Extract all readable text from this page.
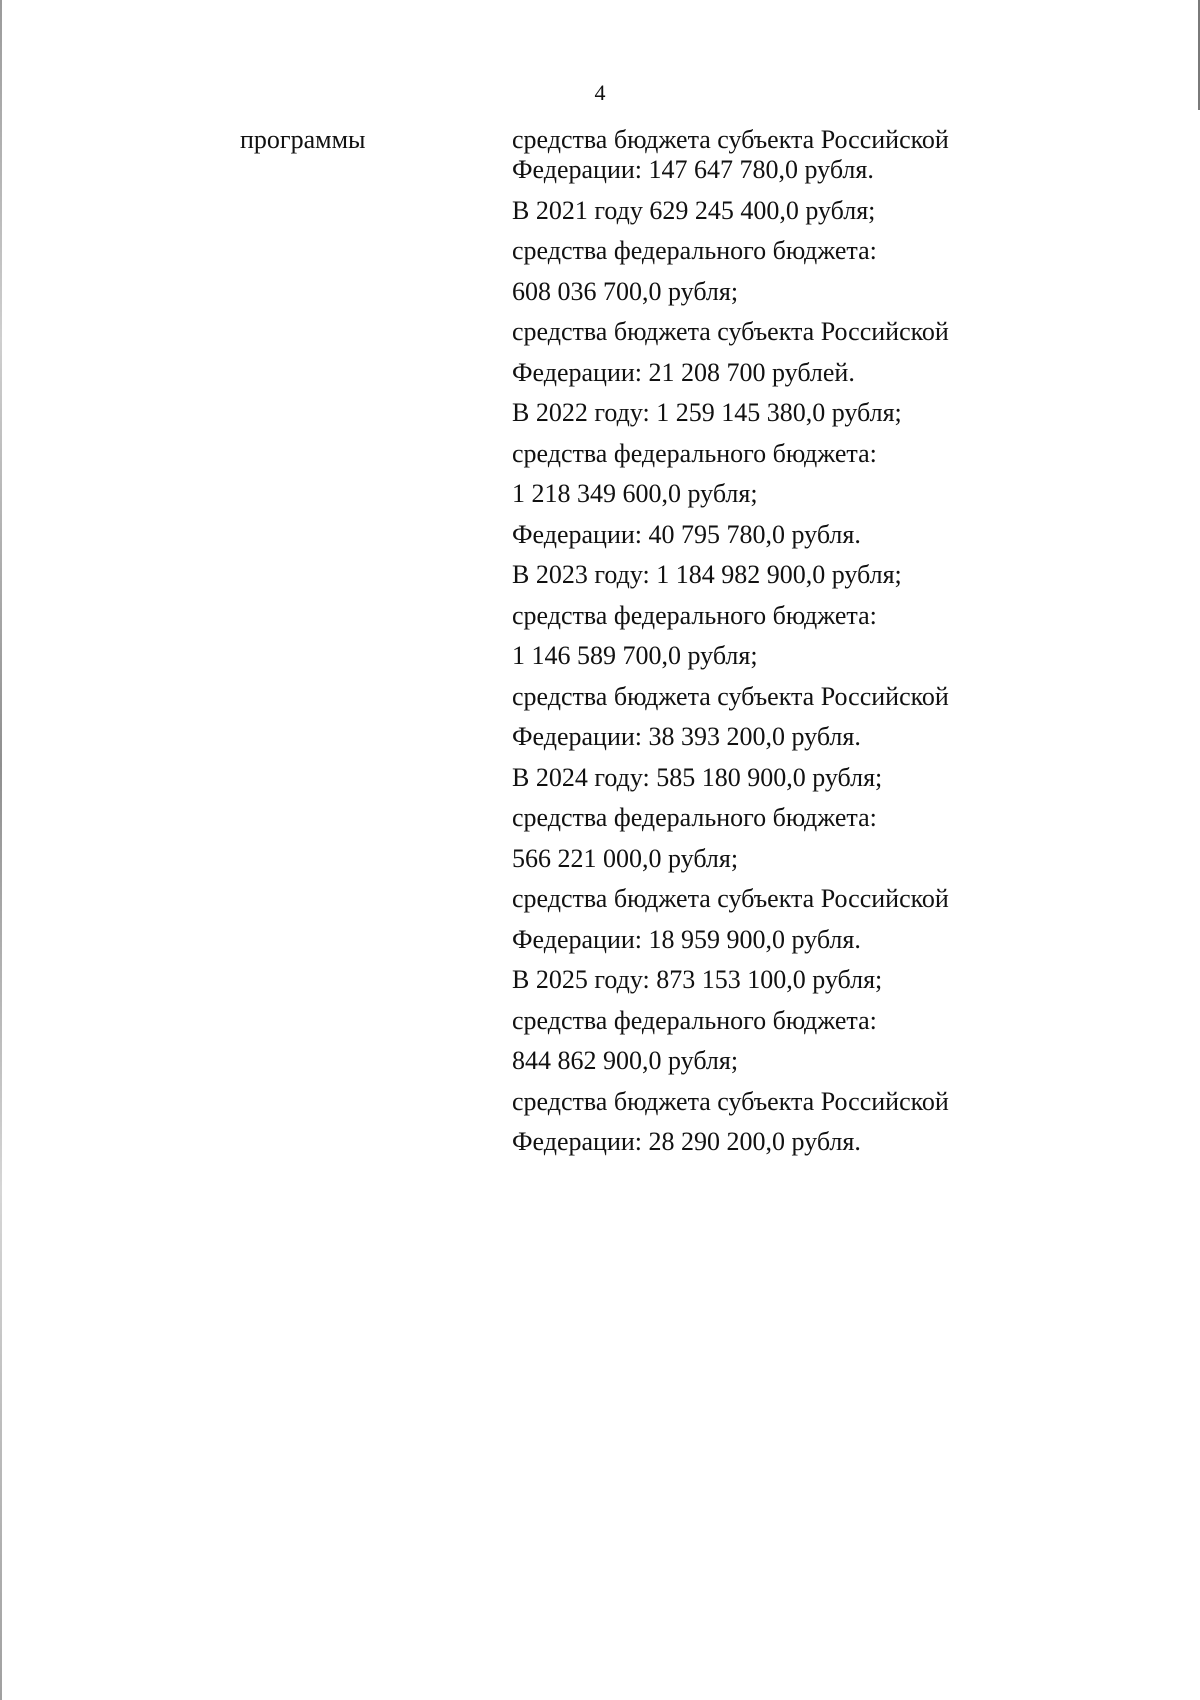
4
программы	средства бюджета субъекта Российской
Федерации: 147 647 780,0 рубля.
В 2021 году 629 245 400,0 рубля;
средства федерального бюджета:
608 036 700,0 рубля;
средства бюджета субъекта Российской
Федерации: 21 208 700 рублей.
В 2022 году: 1 259 145 380,0 рубля;
средства федерального бюджета:
1 218 349 600,0 рубля;
Федерации: 40 795 780,0 рубля.
В 2023 году: 1 184 982 900,0 рубля;
средства федерального бюджета:
1 146 589 700,0 рубля;
средства бюджета субъекта Российской
Федерации: 38 393 200,0 рубля.
В 2024 году: 585 180 900,0 рубля;
средства федерального бюджета:
566 221 000,0 рубля;
средства бюджета субъекта Российской
Федерации: 18 959 900,0 рубля.
В 2025 году: 873 153 100,0 рубля;
средства федерального бюджета:
844 862 900,0 рубля;
средства бюджета субъекта Российской
Федерации: 28 290 200,0 рубля.
